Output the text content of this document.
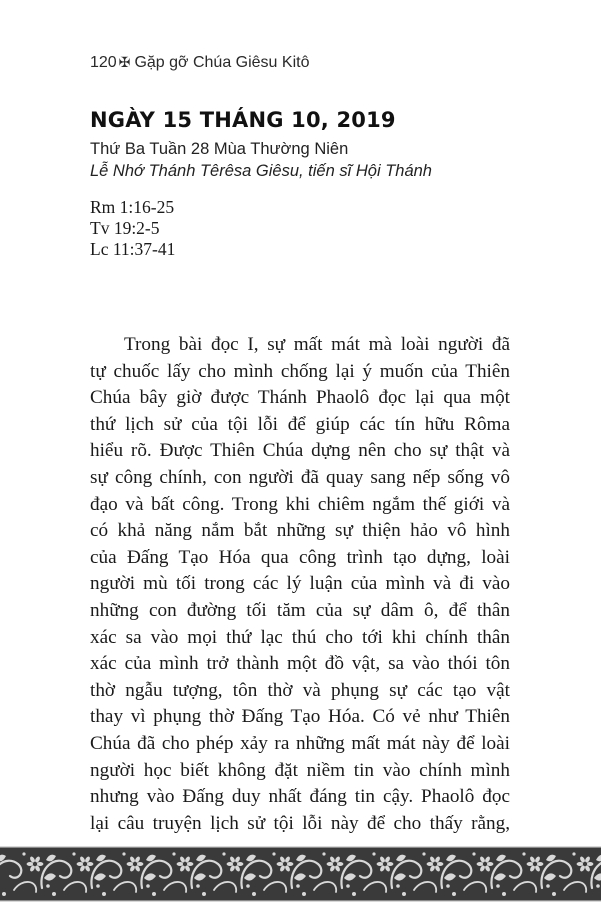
120 ✠ Gặp gỡ Chúa Giêsu Kitô
NGÀY 15 THÁNG 10, 2019
Thứ Ba Tuần 28 Mùa Thường Niên
Lễ Nhớ Thánh Têrêsa Giêsu, tiến sĩ Hội Thánh
Rm 1:16-25
Tv 19:2-5
Lc 11:37-41
Trong bài đọc I, sự mất mát mà loài người đã
tự chuốc lấy cho mình chống lại ý muốn của Thiên
Chúa bây giờ được Thánh Phaolô đọc lại qua một
thứ lịch sử của tội lỗi để giúp các tín hữu Rôma
hiểu rõ. Được Thiên Chúa dựng nên cho sự thật và
sự công chính, con người đã quay sang nếp sống vô
đạo và bất công. Trong khi chiêm ngắm thế giới và
có khả năng nắm bắt những sự thiện hảo vô hình
của Đấng Tạo Hóa qua công trình tạo dựng, loài
người mù tối trong các lý luận của mình và đi vào
những con đường tối tăm của sự dâm ô, để thân
xác sa vào mọi thứ lạc thú cho tới khi chính thân
xác của mình trở thành một đồ vật, sa vào thói tôn
thờ ngẫu tượng, tôn thờ và phụng sự các tạo vật
thay vì phụng thờ Đấng Tạo Hóa. Có vẻ như Thiên
Chúa đã cho phép xảy ra những mất mát này để loài
người học biết không đặt niềm tin vào chính mình
nhưng vào Đấng duy nhất đáng tin cậy. Phaolô đọc
lại câu truyện lịch sử tội lỗi này để cho thấy rằng,
